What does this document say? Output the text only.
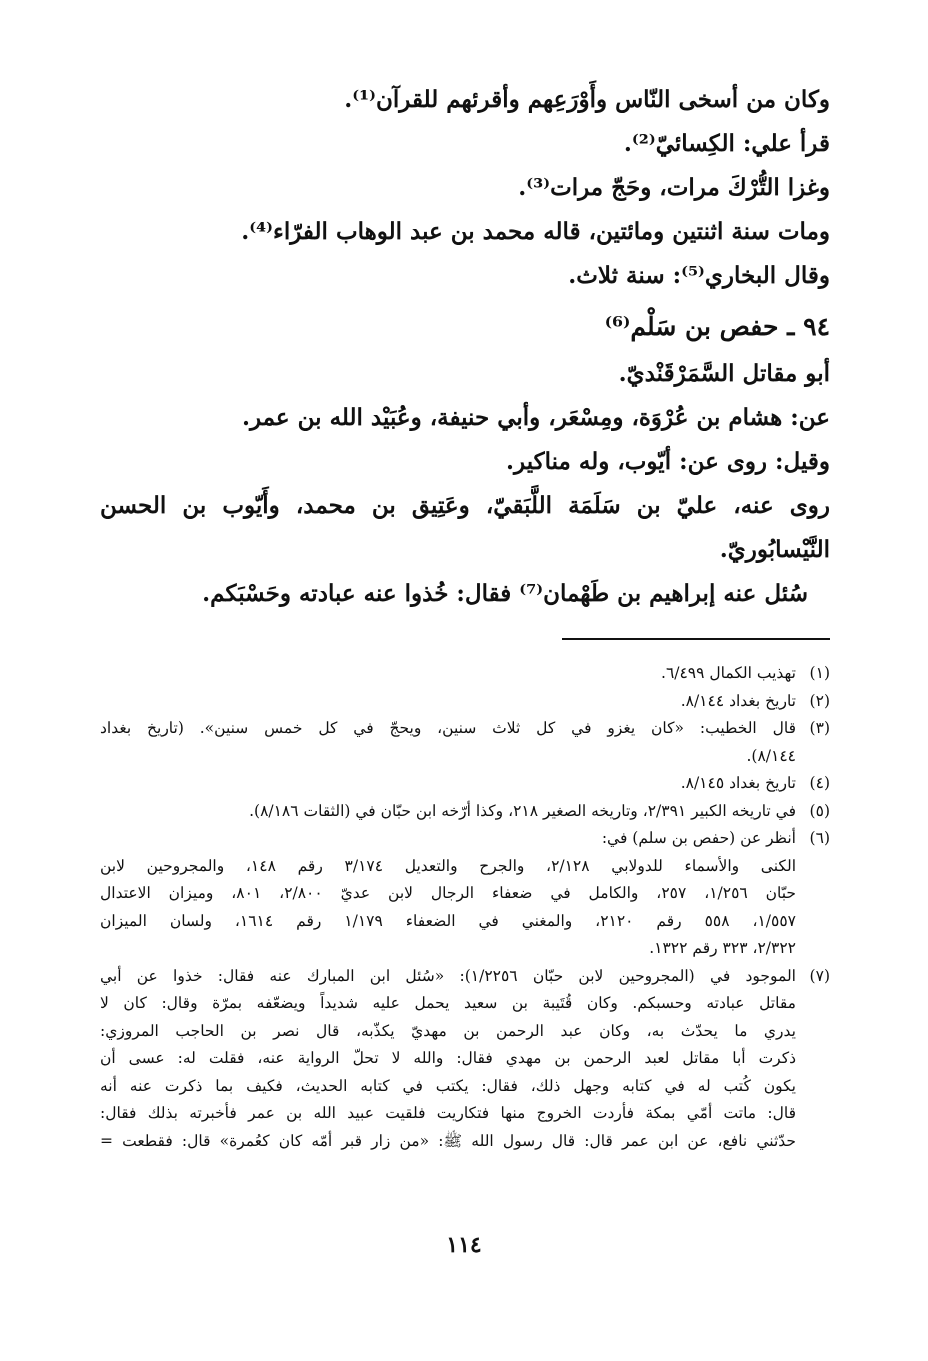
وكان من أسخى النّاس وأَوْرَعِهم وأقرئهم للقرآن⁽¹⁾.
قرأ علي: الكِسائيّ⁽²⁾.
وغزا التُّرْكَ مرات، وحَجّ مرات⁽³⁾.
ومات سنة اثنتين ومائتين، قاله محمد بن عبد الوهاب الفرّاء⁽⁴⁾.
وقال البخاري⁽⁵⁾: سنة ثلاث.
٩٤ ـ حفص بن سَلْم⁽⁶⁾
أبو مقاتل السَّمَرْقَنْديّ.
عن: هشام بن عُرْوَة، ومِسْعَر، وأبي حنيفة، وعُبَيْد الله بن عمر.
وقيل: روى عن: أيّوب، وله مناكير.
روى عنه، عليّ بن سَلَمَة اللَّبَقيّ، وعَتِيق بن محمد، وأَيّوب بن الحسن
النَّيْسابُوريّ.
سُئل عنه إبراهيم بن طَهْمان⁽⁷⁾ فقال: خُذوا عنه عبادته وحَسْبَكم.
(١)
تهذيب الكمال ٦/٤٩٩.
(٢)
تاريخ بغداد ٨/١٤٤.
(٣)
قال الخطيب: «كان يغزو في كل ثلاث سنين، ويحجّ في كل خمس سنين». (تاريخ بغداد
٨/١٤٤).
(٤)
تاريخ بغداد ٨/١٤٥.
(٥)
في تاريخه الكبير ٢/٣٩١، وتاريخه الصغير ٢١٨، وكذا أرّخه ابن حبّان في (الثقات ٨/١٨٦).
(٦)
أنظر عن (حفص بن سلم) في:
الكنى والأسماء للدولابي ٢/١٢٨، والجرح والتعديل ٣/١٧٤ رقم ١٤٨، والمجروحين لابن
حبّان ١/٢٥٦، ٢٥٧، والكامل في ضعفاء الرجال لابن عديّ ٢/٨٠٠، ٨٠١، وميزان الاعتدال
١/٥٥٧، ٥٥٨ رقم ٢١٢٠، والمغني في الضعفاء ١/١٧٩ رقم ١٦١٤، ولسان الميزان
٢/٣٢٢، ٣٢٣ رقم ١٣٢٢.
(٧)
الموجود في (المجروحين لابن حبّان ١/٢٢٥٦): «سُئل ابن المبارك عنه فقال: خذوا عن أبي
مقاتل عبادته وحسبكم. وكان قُتَيبة بن سعيد يحمل عليه شديداً ويضعّفه بمرّة وقال: كان لا
يدري ما يحدّث به، وكان عبد الرحمن بن مهديّ يكذّبه، قال نصر بن الحاجب المروزي:
ذكرت أبا مقاتل لعبد الرحمن بن مهدي فقال: والله لا تحلّ الرواية عنه، فقلت له: عسى أن
يكون كُتب له في كتابه وجهل ذلك، فقال: يكتب في كتابه الحديث، فكيف بما ذكرت عنه أنه
قال: ماتت أمّي بمكة فأردت الخروج منها فتكاريت فلقيت عبيد الله بن عمر فأخبرته بذلك فقال:
حدّثني نافع، عن ابن عمر قال: قال رسول الله ﷺ: «من زار قبر أمّه كان كعُمرة» قال: فقطعت =
١١٤
